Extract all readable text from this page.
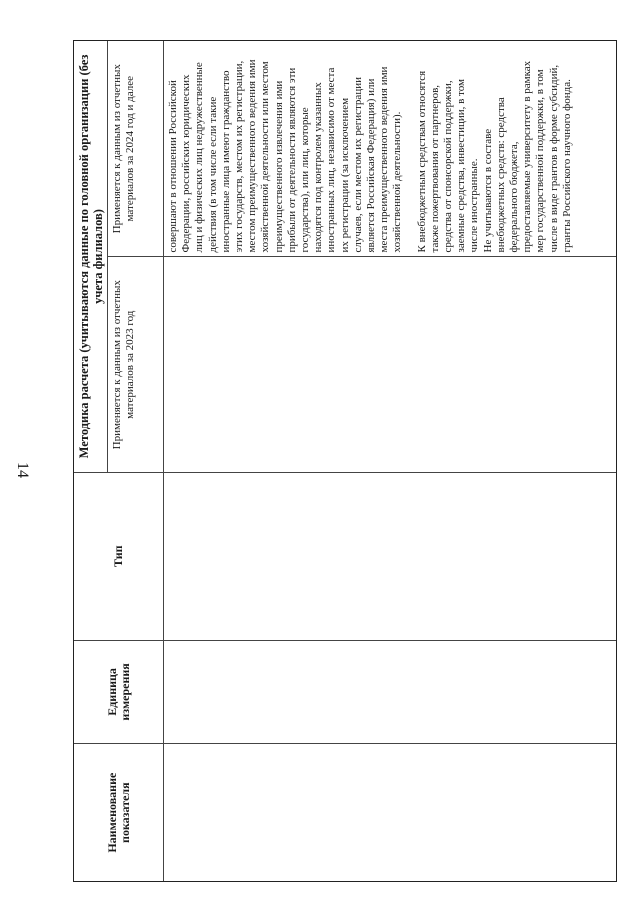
14
Наименование показателя
Единица измерения
Тип
Методика расчета (учитываются данные по головной организации (без учета филиалов)
Применяется к данным из отчетных материалов за 2023 год
Применяется к данным из отчетных материалов за 2024 год и далее

совершают в отношении Российской
Федерации, российских юридических
лиц и физических лиц недружественные
действия (в том числе если такие
иностранные лица имеют гражданство
этих государств, местом их регистрации,
местом преимущественного ведения ими
хозяйственной деятельности или местом
преимущественного извлечения ими
прибыли от деятельности являются эти
государства), или лиц, которые
находятся под контролем указанных
иностранных лиц, независимо от места
их регистрации (за исключением
случаев, если местом их регистрации
является Российская Федерация) или
места преимущественного ведения ими
хозяйственной деятельности).

К внебюджетным средствам относятся
также пожертвования от партнеров,
средства от спонсорской поддержки,
заемные средства, инвестиции, в том
числе иностранные.
Не учитываются в составе
внебюджетных средств: средства
федерального бюджета,
предоставляемые университету в рамках
мер государственной поддержки, в том
числе в виде грантов в форме субсидий,
гранты Российского научного фонда.
